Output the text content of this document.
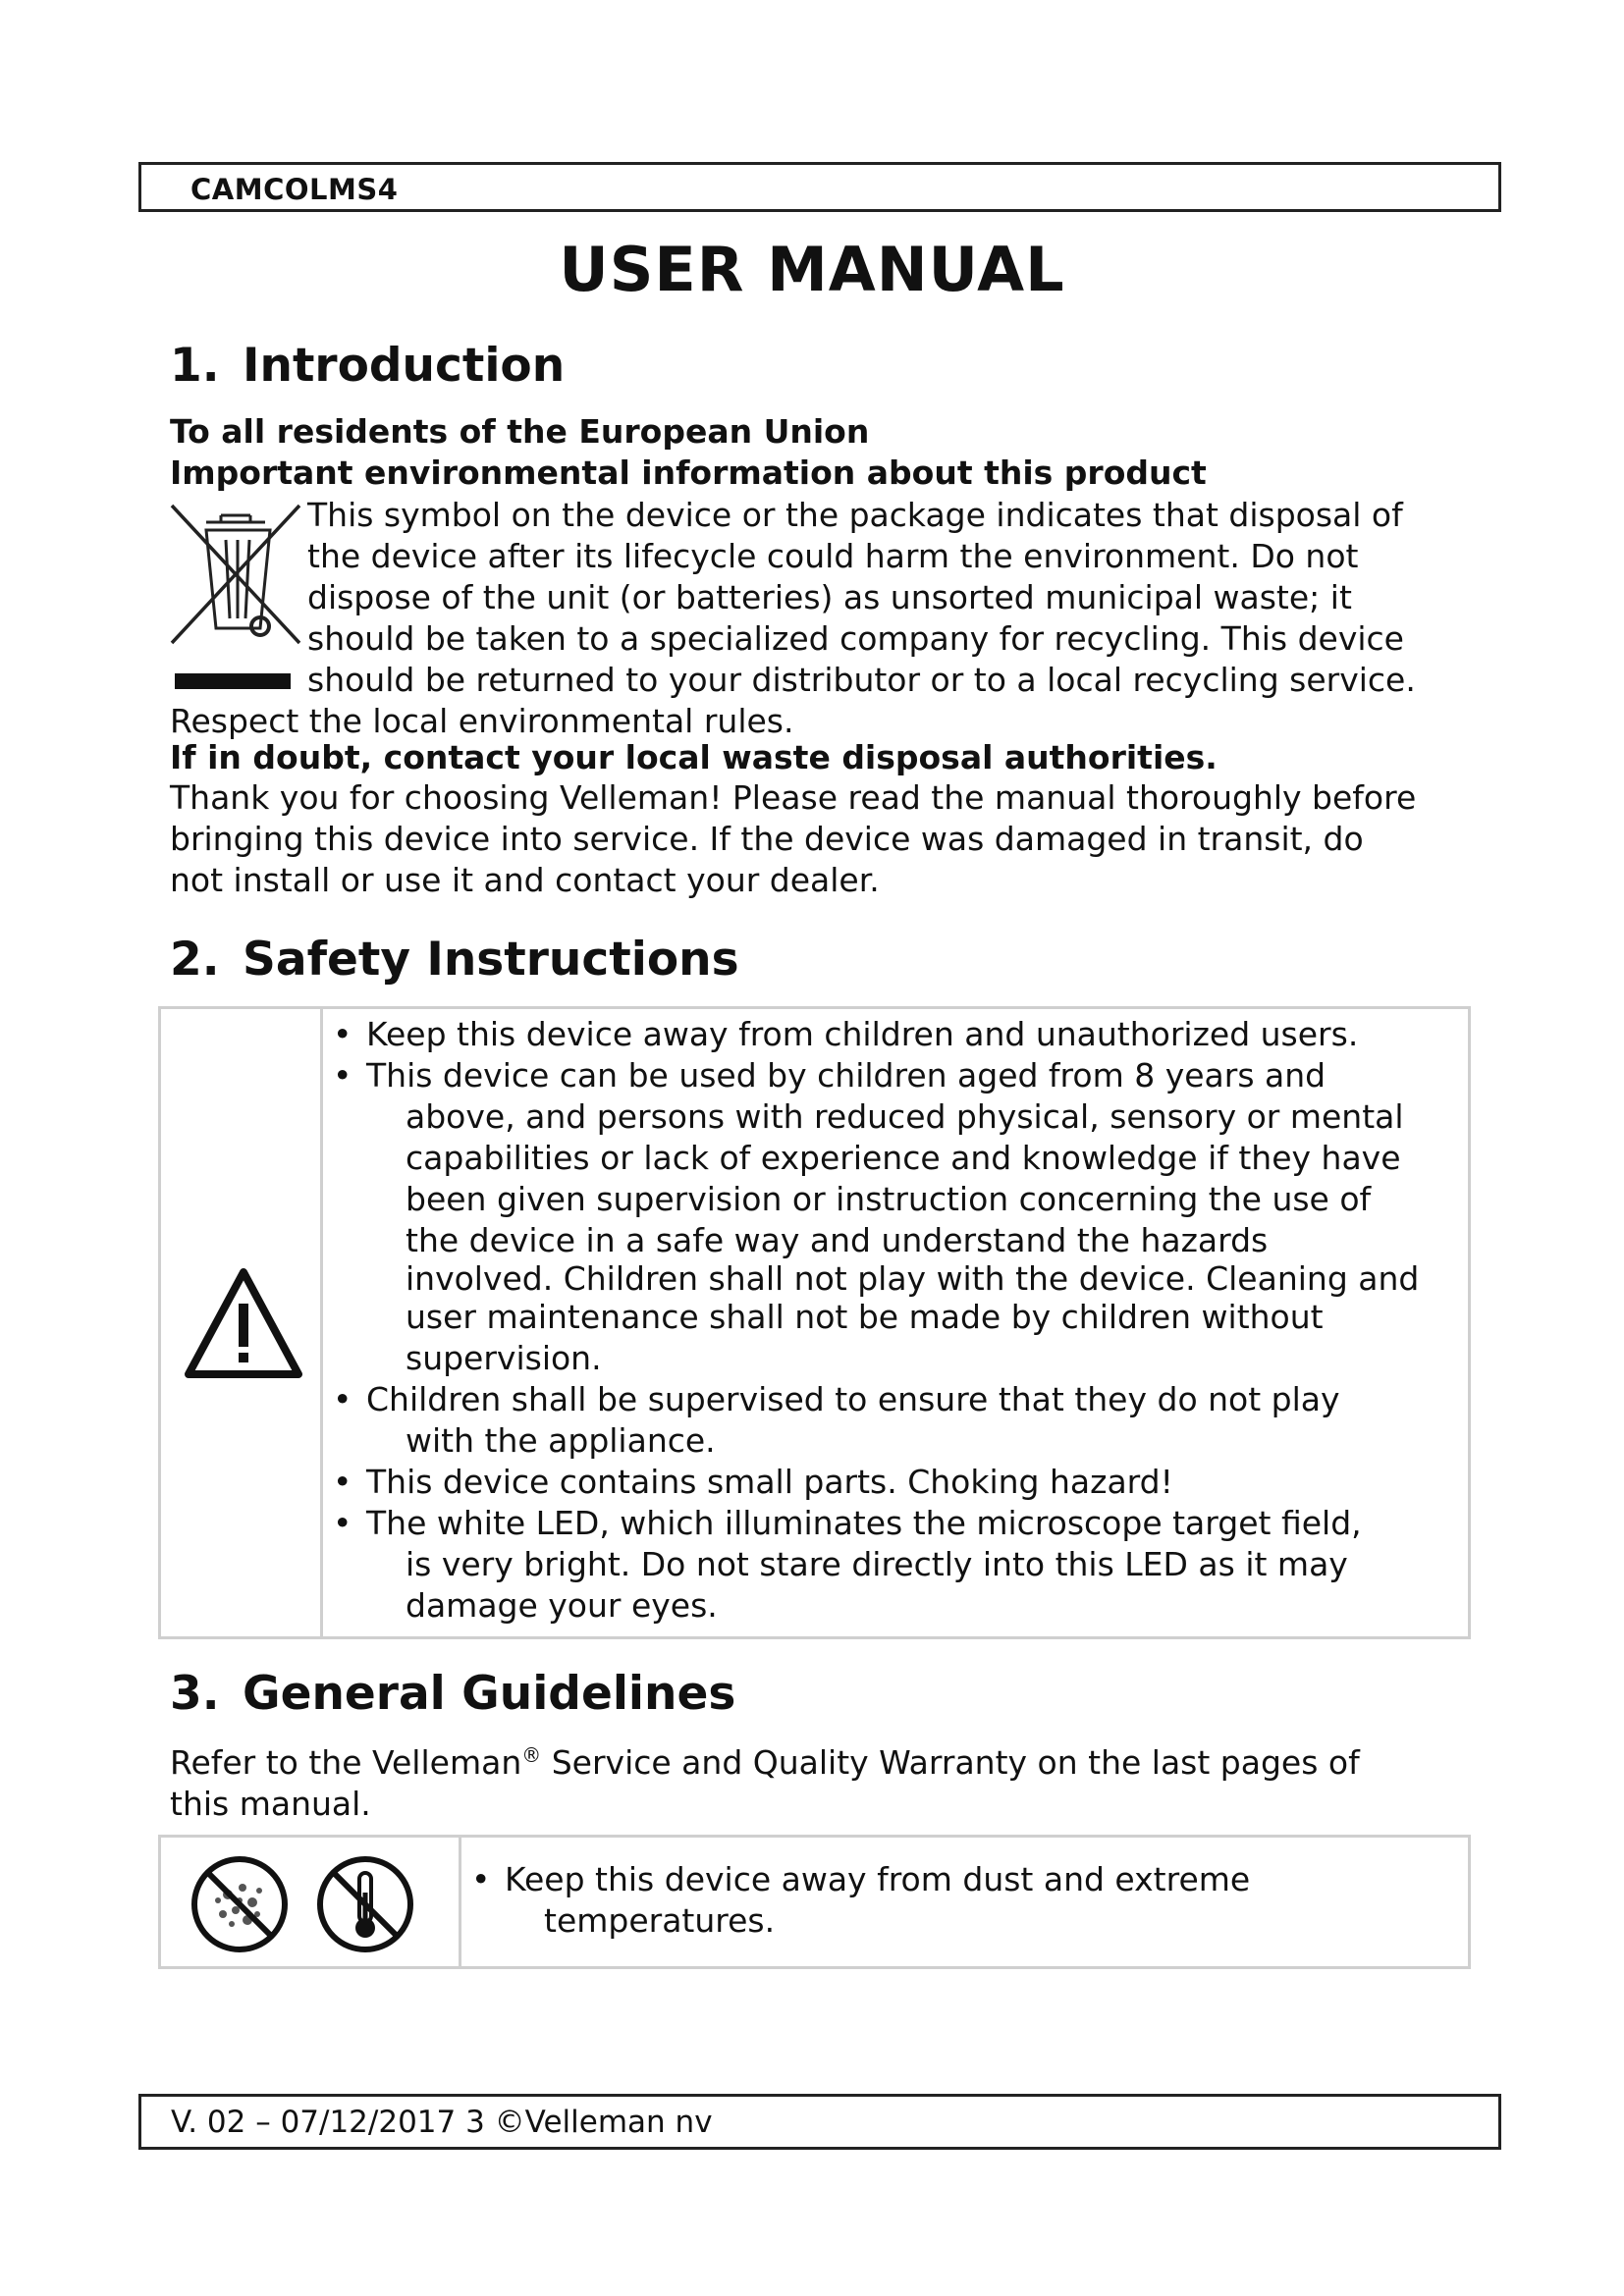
CAMCOLMS4
USER MANUAL
1. Introduction
To all residents of the European Union
Important environmental information about this product
This symbol on the device or the package indicates that disposal of
the device after its lifecycle could harm the environment. Do not
dispose of the unit (or batteries) as unsorted municipal waste; it
should be taken to a specialized company for recycling. This device
should be returned to your distributor or to a local recycling service.
Respect the local environmental rules.
If in doubt, contact your local waste disposal authorities.
Thank you for choosing Velleman! Please read the manual thoroughly before
bringing this device into service. If the device was damaged in transit, do
not install or use it and contact your dealer.
2. Safety Instructions
• Keep this device away from children and unauthorized users.
• This device can be used by children aged from 8 years and
above, and persons with reduced physical, sensory or mental
capabilities or lack of experience and knowledge if they have
been given supervision or instruction concerning the use of
the device in a safe way and understand the hazards
involved. Children shall not play with the device. Cleaning and
user maintenance shall not be made by children without
supervision.
• Children shall be supervised to ensure that they do not play
with the appliance.
• This device contains small parts. Choking hazard!
• The white LED, which illuminates the microscope target field,
is very bright. Do not stare directly into this LED as it may
damage your eyes.
3. General Guidelines
Refer to the Velleman® Service and Quality Warranty on the last pages of
this manual.
• Keep this device away from dust and extreme
temperatures.
V. 02 – 07/12/2017 3 ©Velleman nv
